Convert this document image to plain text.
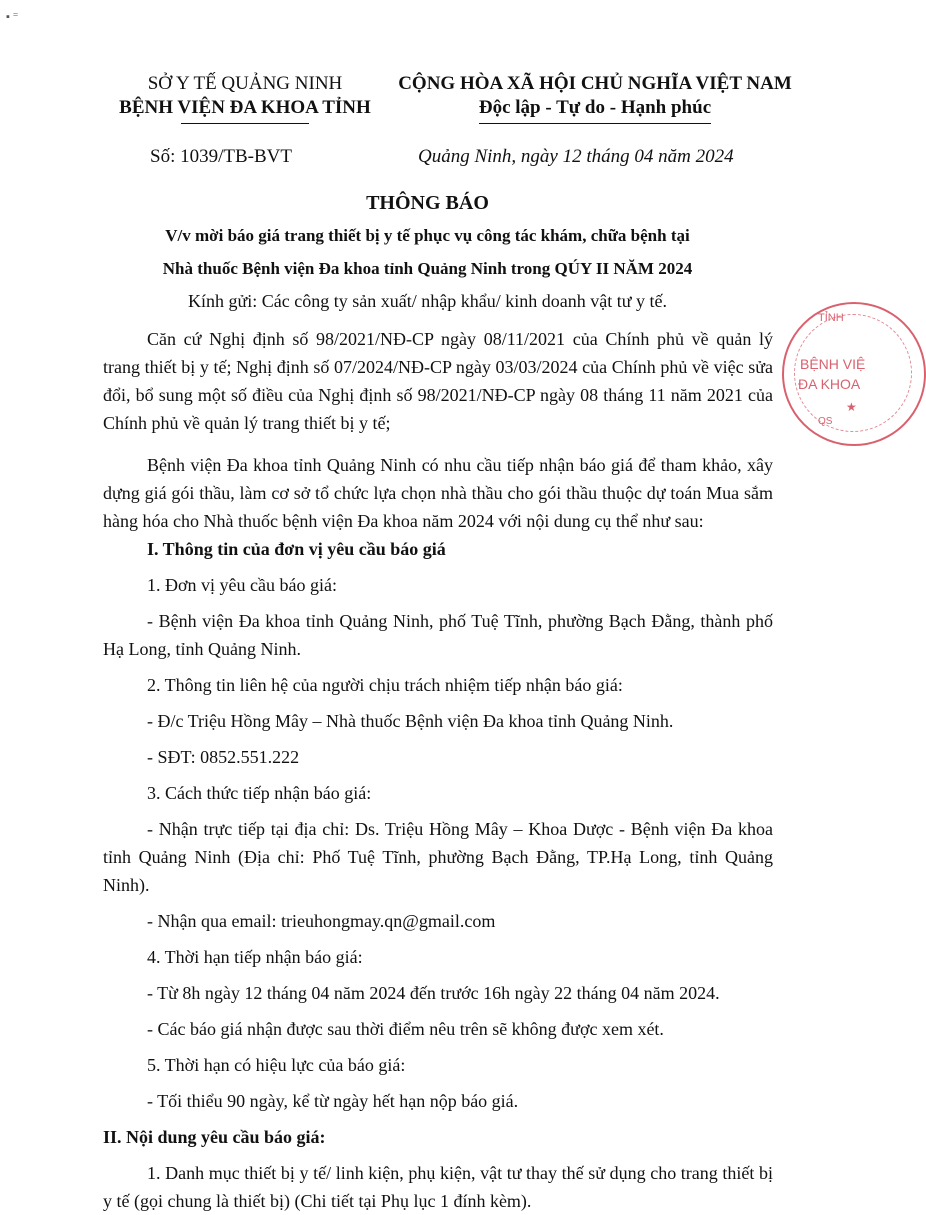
▪ ⁼
SỞ Y TẾ QUẢNG NINH
BỆNH VIỆN ĐA KHOA TỈNH
CỘNG HÒA XÃ HỘI CHỦ NGHĨA VIỆT NAM
Độc lập - Tự do - Hạnh phúc
Số: 1039/TB-BVT	Quảng Ninh, ngày 12 tháng 04 năm 2024
THÔNG BÁO
V/v mời báo giá trang thiết bị y tế phục vụ công tác khám, chữa bệnh tại
Nhà thuốc Bệnh viện Đa khoa tỉnh Quảng Ninh trong QÚY II NĂM 2024
Kính gửi: Các công ty sản xuất/ nhập khẩu/ kinh doanh vật tư y tế.

Căn cứ Nghị định số 98/2021/NĐ-CP ngày 08/11/2021 của Chính phủ về quản lý trang thiết bị y tế; Nghị định số 07/2024/NĐ-CP ngày 03/03/2024 của Chính phủ về việc sửa đổi, bổ sung một số điều của Nghị định số 98/2021/NĐ-CP ngày 08 tháng 11 năm 2021 của Chính phủ về quản lý trang thiết bị y tế;

Bệnh viện Đa khoa tỉnh Quảng Ninh có nhu cầu tiếp nhận báo giá để tham khảo, xây dựng giá gói thầu, làm cơ sở tổ chức lựa chọn nhà thầu cho gói thầu thuộc dự toán Mua sắm hàng hóa cho Nhà thuốc bệnh viện Đa khoa năm 2024 với nội dung cụ thể như sau:

I. Thông tin của đơn vị yêu cầu báo giá

1. Đơn vị yêu cầu báo giá:

- Bệnh viện Đa khoa tỉnh Quảng Ninh, phố Tuệ Tĩnh, phường Bạch Đằng, thành phố Hạ Long, tỉnh Quảng Ninh.

2. Thông tin liên hệ của người chịu trách nhiệm tiếp nhận báo giá:

- Đ/c Triệu Hồng Mây – Nhà thuốc Bệnh viện Đa khoa tỉnh Quảng Ninh.

- SĐT: 0852.551.222

3. Cách thức tiếp nhận báo giá:

- Nhận trực tiếp tại địa chỉ: Ds. Triệu Hồng Mây – Khoa Dược - Bệnh viện Đa khoa tỉnh Quảng Ninh (Địa chỉ: Phố Tuệ Tĩnh, phường Bạch Đằng, TP.Hạ Long, tỉnh Quảng Ninh).

- Nhận qua email: trieuhongmay.qn@gmail.com

4. Thời hạn tiếp nhận báo giá:

- Từ 8h ngày 12 tháng 04 năm 2024 đến trước 16h ngày 22 tháng 04 năm 2024.

- Các báo giá nhận được sau thời điểm nêu trên sẽ không được xem xét.

5. Thời hạn có hiệu lực của báo giá:

- Tối thiểu 90 ngày, kể từ ngày hết hạn nộp báo giá.

II. Nội dung yêu cầu báo giá:

1. Danh mục thiết bị y tế/ linh kiện, phụ kiện, vật tư thay thế sử dụng cho trang thiết bị y tế (gọi chung là thiết bị) (Chi tiết tại Phụ lục 1 đính kèm).

TỈNH
BỆNH VIỆ
ĐA KHOA
QS
★
